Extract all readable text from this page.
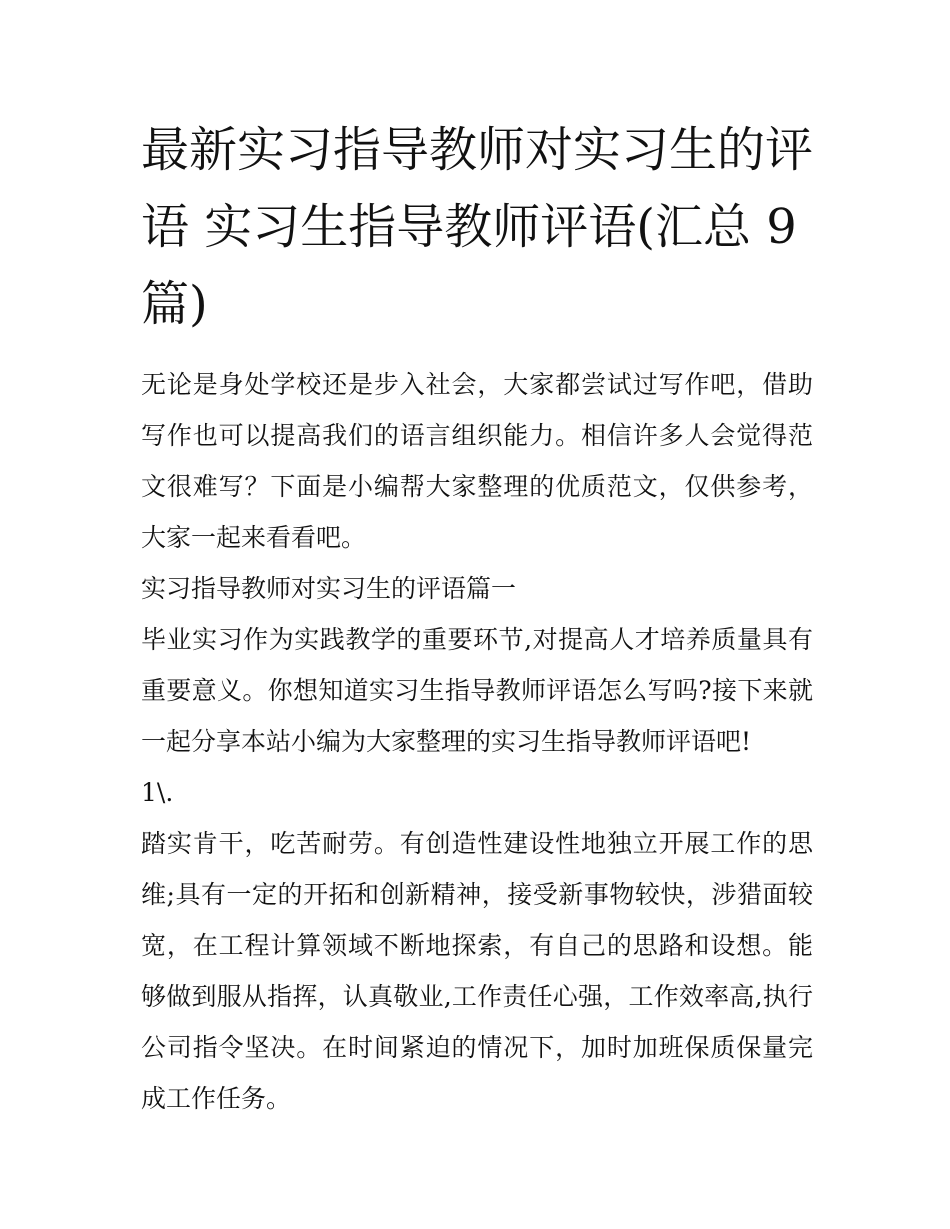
最新实习指导教师对实习生的评语 实习生指导教师评语(汇总 9 篇)

无论是身处学校还是步入社会，大家都尝试过写作吧，借助写作也可以提高我们的语言组织能力。相信许多人会觉得范文很难写？下面是小编帮大家整理的优质范文，仅供参考，大家一起来看看吧。

实习指导教师对实习生的评语篇一

毕业实习作为实践教学的重要环节,对提高人才培养质量具有重要意义。你想知道实习生指导教师评语怎么写吗?接下来就一起分享本站小编为大家整理的实习生指导教师评语吧!

1\.

踏实肯干，吃苦耐劳。有创造性建设性地独立开展工作的思维;具有一定的开拓和创新精神，接受新事物较快，涉猎面较宽，在工程计算领域不断地探索，有自己的思路和设想。能够做到服从指挥，认真敬业,工作责任心强，工作效率高,执行公司指令坚决。在时间紧迫的情况下，加时加班保质保量完成工作任务。
